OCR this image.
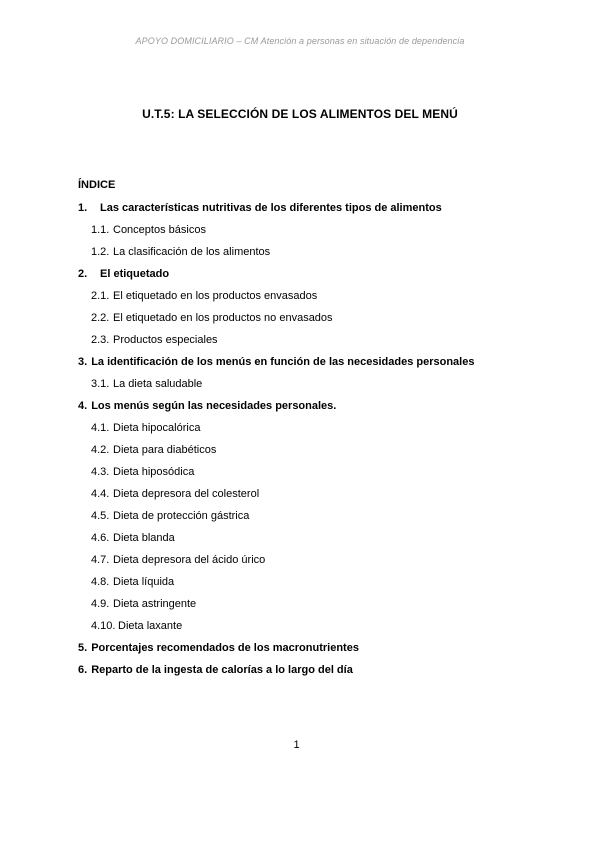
APOYO DOMICILIARIO – CM Atención a personas en situación de dependencia
U.T.5: LA SELECCIÓN DE LOS ALIMENTOS DEL MENÚ
ÍNDICE
1. Las características nutritivas de los diferentes tipos de alimentos
1.1. Conceptos básicos
1.2. La clasificación de los alimentos
2. El etiquetado
2.1. El etiquetado en los productos envasados
2.2. El etiquetado en los productos no envasados
2.3. Productos especiales
3. La identificación de los menús en función de las necesidades personales
3.1. La dieta saludable
4. Los menús según las necesidades personales.
4.1. Dieta hipocalórica
4.2. Dieta para diabéticos
4.3. Dieta hiposódica
4.4. Dieta depresora del colesterol
4.5. Dieta de protección gástrica
4.6. Dieta blanda
4.7. Dieta depresora del ácido úrico
4.8. Dieta líquida
4.9. Dieta astringente
4.10. Dieta laxante
5. Porcentajes recomendados de los macronutrientes
6. Reparto de la ingesta de calorías a lo largo del día
1
